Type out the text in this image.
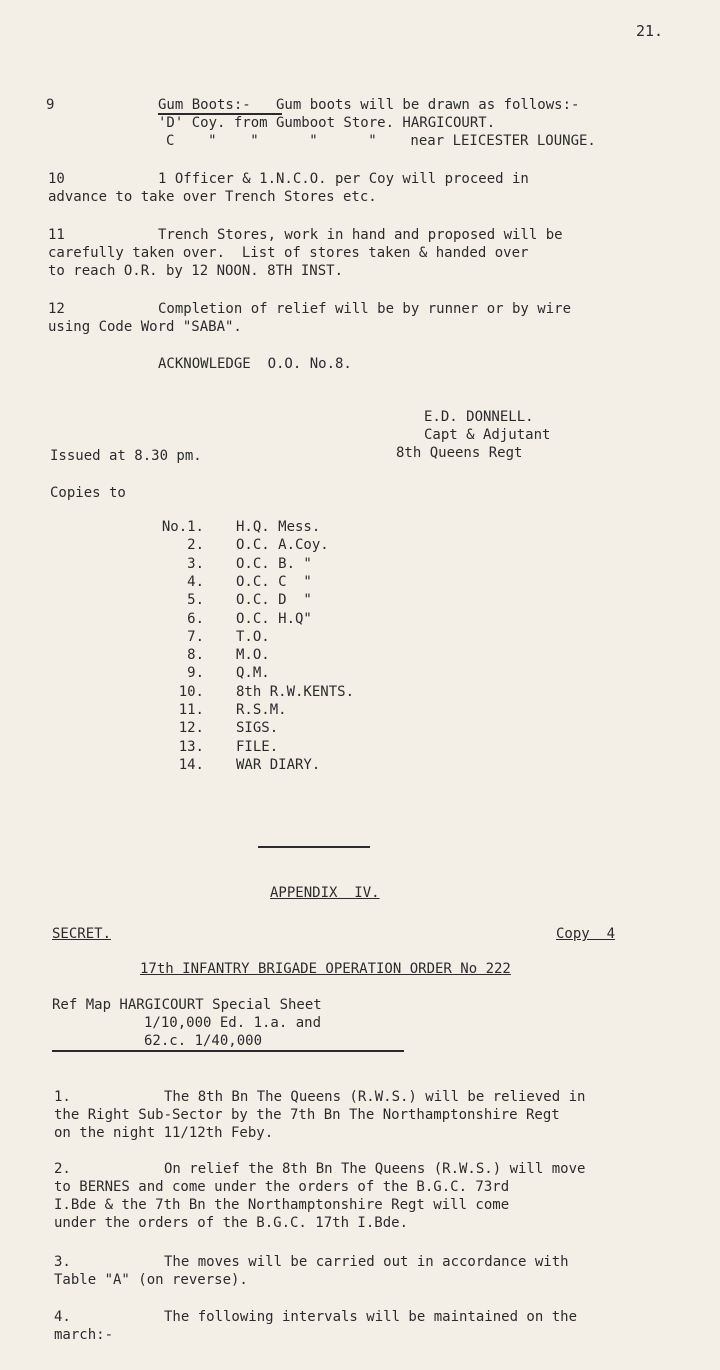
21.
9	Gum Boots:-   Gum boots will be drawn as follows:-
'D' Coy. from Gumboot Store. HARGICOURT.
C    "    "      "      "    near LEICESTER LOUNGE.
10	1 Officer & 1.N.C.O. per Coy will proceed in
advance to take over Trench Stores etc.
11	Trench Stores, work in hand and proposed will be
carefully taken over.  List of stores taken & handed over
to reach O.R. by 12 NOON. 8TH INST.
12	Completion of relief will be by runner or by wire
using Code Word "SABA".
ACKNOWLEDGE  O.O. No.8.
E.D. DONNELL.
Capt & Adjutant
8th Queens Regt
Issued at 8.30 pm.
Copies to
No.1. H.Q. Mess.
2. O.C. A.Coy.
3. O.C. B. "
4. O.C. C  "
5. O.C. D  "
6. O.C. H.Q"
7. T.O.
8. M.O.
9. Q.M.
10. 8th R.W.KENTS.
11. R.S.M.
12. SIGS.
13. FILE.
14. WAR DIARY.
APPENDIX  IV.
SECRET.	Copy  4
17th INFANTRY BRIGADE OPERATION ORDER No 222
Ref Map HARGICOURT Special Sheet
1/10,000 Ed. 1.a. and
62.c. 1/40,000
1.	The 8th Bn The Queens (R.W.S.) will be relieved in
the Right Sub-Sector by the 7th Bn The Northamptonshire Regt
on the night 11/12th Feby.
2.	On relief the 8th Bn The Queens (R.W.S.) will move
to BERNES and come under the orders of the B.G.C. 73rd
I.Bde & the 7th Bn the Northamptonshire Regt will come
under the orders of the B.G.C. 17th I.Bde.
3.	The moves will be carried out in accordance with
Table "A" (on reverse).
4.	The following intervals will be maintained on the
march:-
